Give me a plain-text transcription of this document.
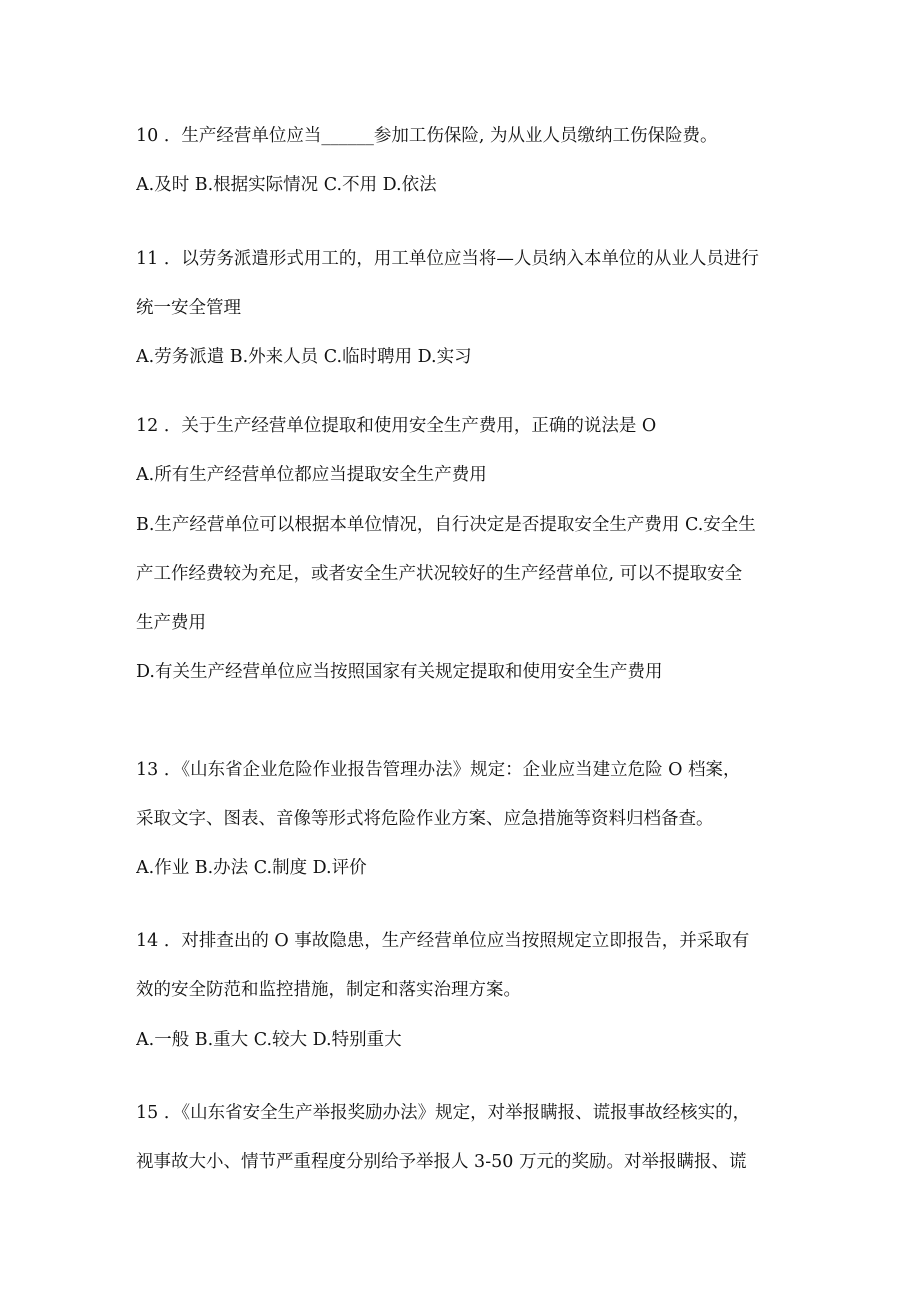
10 ．生产经营单位应当______参加工伤保险, 为从业人员缴纳工伤保险费。
A.及时 B.根据实际情况 C.不用 D.依法
11 ．以劳务派遣形式用工的，用工单位应当将—人员纳入本单位的从业人员进行
统一安全管理
A.劳务派遣 B.外来人员 C.临时聘用 D.实习
12 ．关于生产经营单位提取和使用安全生产费用，正确的说法是 O
A.所有生产经营单位都应当提取安全生产费用
B.生产经营单位可以根据本单位情况，自行决定是否提取安全生产费用 C.安全生
产工作经费较为充足，或者安全生产状况较好的生产经营单位, 可以不提取安全
生产费用
D.有关生产经营单位应当按照国家有关规定提取和使用安全生产费用
13 ．《山东省企业危险作业报告管理办法》规定：企业应当建立危险 O 档案，
采取文字、图表、音像等形式将危险作业方案、应急措施等资料归档备查。
A.作业 B.办法 C.制度 D.评价
14 ．对排查出的 O 事故隐患，生产经营单位应当按照规定立即报告，并采取有
效的安全防范和监控措施，制定和落实治理方案。
A.一般 B.重大 C.较大 D.特别重大
15 ．《山东省安全生产举报奖励办法》规定，对举报瞒报、谎报事故经核实的，
视事故大小、情节严重程度分别给予举报人 3-50 万元的奖励。对举报瞒报、谎
